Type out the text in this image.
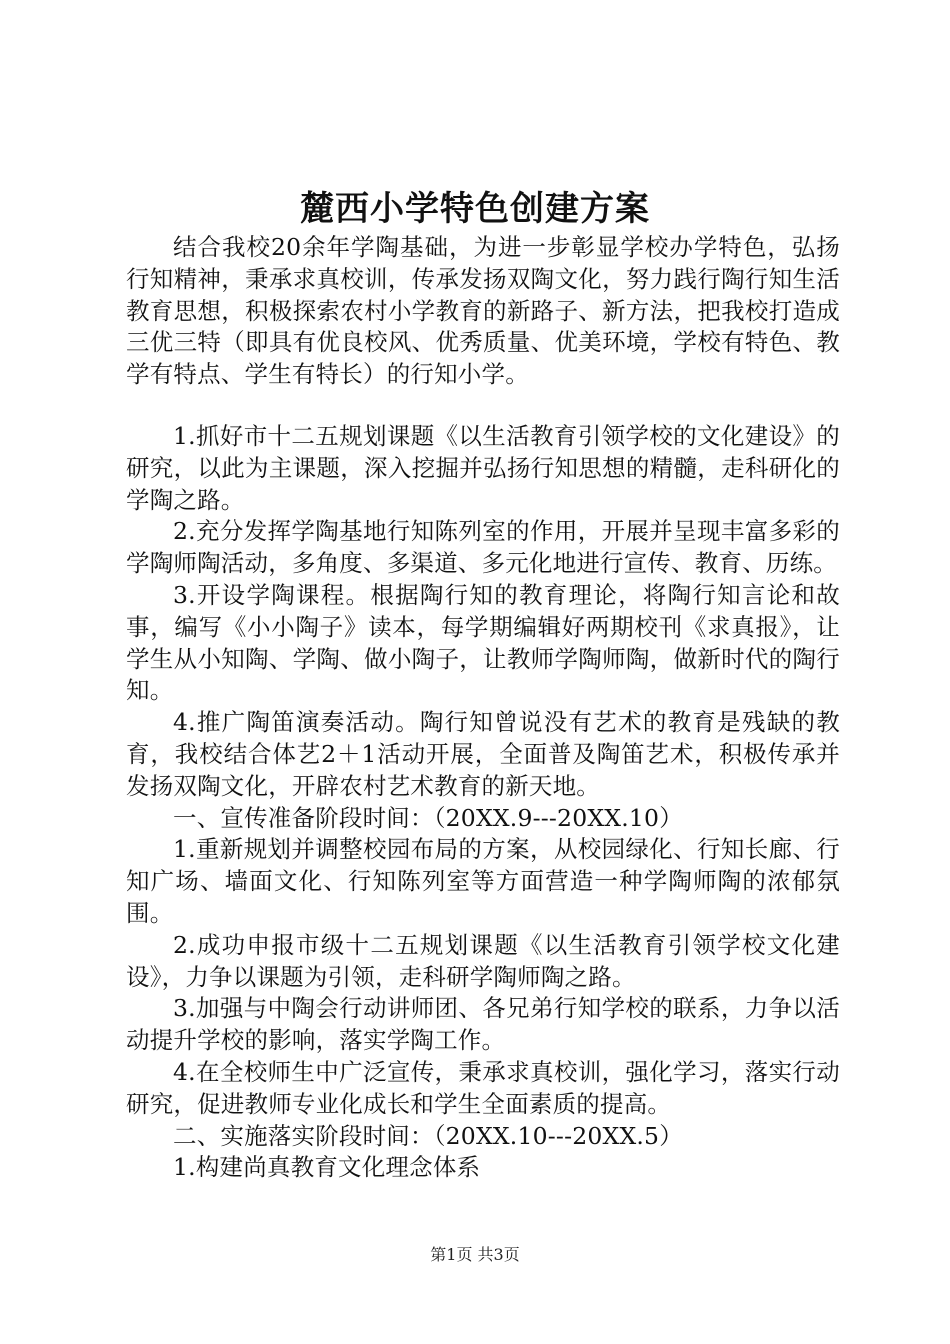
麓西小学特色创建方案

结合我校20余年学陶基础，为进一步彰显学校办学特色，弘扬行知精神，秉承求真校训，传承发扬双陶文化，努力践行陶行知生活教育思想，积极探索农村小学教育的新路子、新方法，把我校打造成三优三特（即具有优良校风、优秀质量、优美环境，学校有特色、教学有特点、学生有特长）的行知小学。

1.抓好市十二五规划课题《以生活教育引领学校的文化建设》的研究，以此为主课题，深入挖掘并弘扬行知思想的精髓，走科研化的学陶之路。

2.充分发挥学陶基地行知陈列室的作用，开展并呈现丰富多彩的学陶师陶活动，多角度、多渠道、多元化地进行宣传、教育、历练。

3.开设学陶课程。根据陶行知的教育理论，将陶行知言论和故事，编写《小小陶子》读本，每学期编辑好两期校刊《求真报》，让学生从小知陶、学陶、做小陶子，让教师学陶师陶，做新时代的陶行知。

4.推广陶笛演奏活动。陶行知曾说没有艺术的教育是残缺的教育，我校结合体艺2＋1活动开展，全面普及陶笛艺术，积极传承并发扬双陶文化，开辟农村艺术教育的新天地。

一、宣传准备阶段时间：（20XX.9---20XX.10）

1.重新规划并调整校园布局的方案，从校园绿化、行知长廊、行知广场、墙面文化、行知陈列室等方面营造一种学陶师陶的浓郁氛围。

2.成功申报市级十二五规划课题《以生活教育引领学校文化建设》，力争以课题为引领，走科研学陶师陶之路。

3.加强与中陶会行动讲师团、各兄弟行知学校的联系，力争以活动提升学校的影响，落实学陶工作。

4.在全校师生中广泛宣传，秉承求真校训，强化学习，落实行动研究，促进教师专业化成长和学生全面素质的提高。

二、实施落实阶段时间：（20XX.10---20XX.5）

1.构建尚真教育文化理念体系

第1页 共3页
